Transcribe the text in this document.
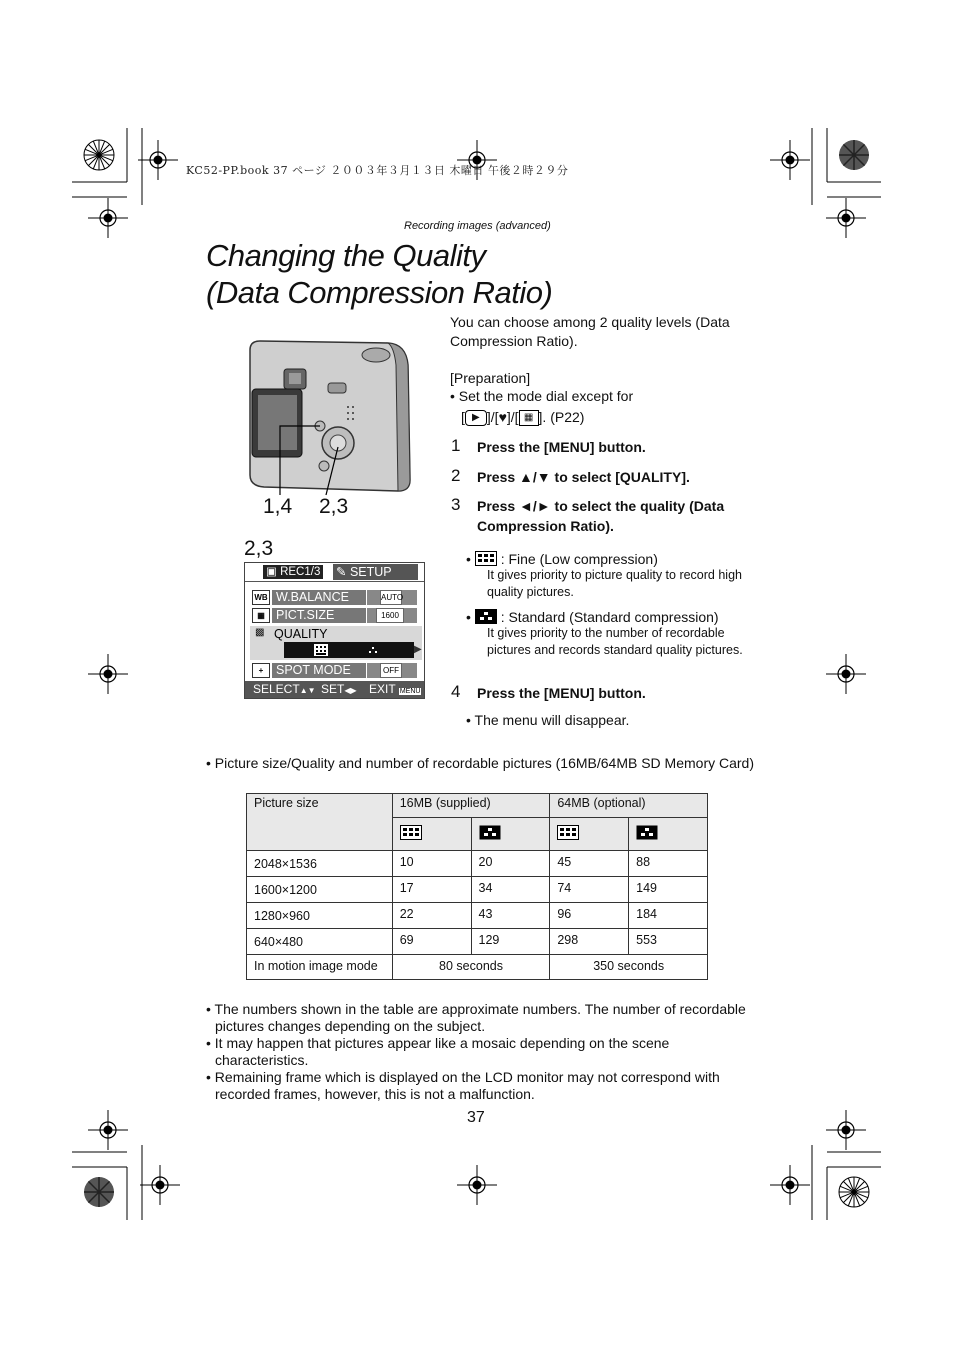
KC52-PP.book 37 ページ ２００３年３月１３日 木曜日 午後２時２９分
Recording images (advanced)
Changing the Quality
(Data Compression Ratio)
1,4 2,3
2,3
▣ REC1/3 ✎ SETUP
WB W.BALANCE	AUTO
▦ PICT.SIZE	1600
▩ QUALITY
▶
+	SPOT MODE	OFF
SELECT▲▼ SET◀▶ EXIT MENU
You can choose among 2 quality levels (Data Compression Ratio).
[Preparation]
• Set the mode dial except for
[ ▶ ]/[♥]/[ ▦ ]. (P22)
1 Press the [MENU] button.
2 Press ▲/▼ to select [QUALITY].
3 Press ◄/► to select the quality (Data Compression Ratio).
•  : Fine (Low compression)
It gives priority to picture quality to record high quality pictures.
•  : Standard (Standard compression)
It gives priority to the number of recordable pictures and records standard quality pictures.
4 Press the [MENU] button.
• The menu will disappear.
• Picture size/Quality and number of recordable pictures (16MB/64MB SD Memory Card)
Picture size	16MB (supplied)		64MB (optional)	

2048×1536	10	20	45	88
1600×1200	17	34	74	149
1280×960	22	43	96	184
640×480	69	129	298	553
In motion image mode	80 seconds		350 seconds	
• The numbers shown in the table are approximate numbers. The number of recordable pictures changes depending on the subject.
• It may happen that pictures appear like a mosaic depending on the scene characteristics.
• Remaining frame which is displayed on the LCD monitor may not correspond with recorded frames, however, this is not a malfunction.
37
